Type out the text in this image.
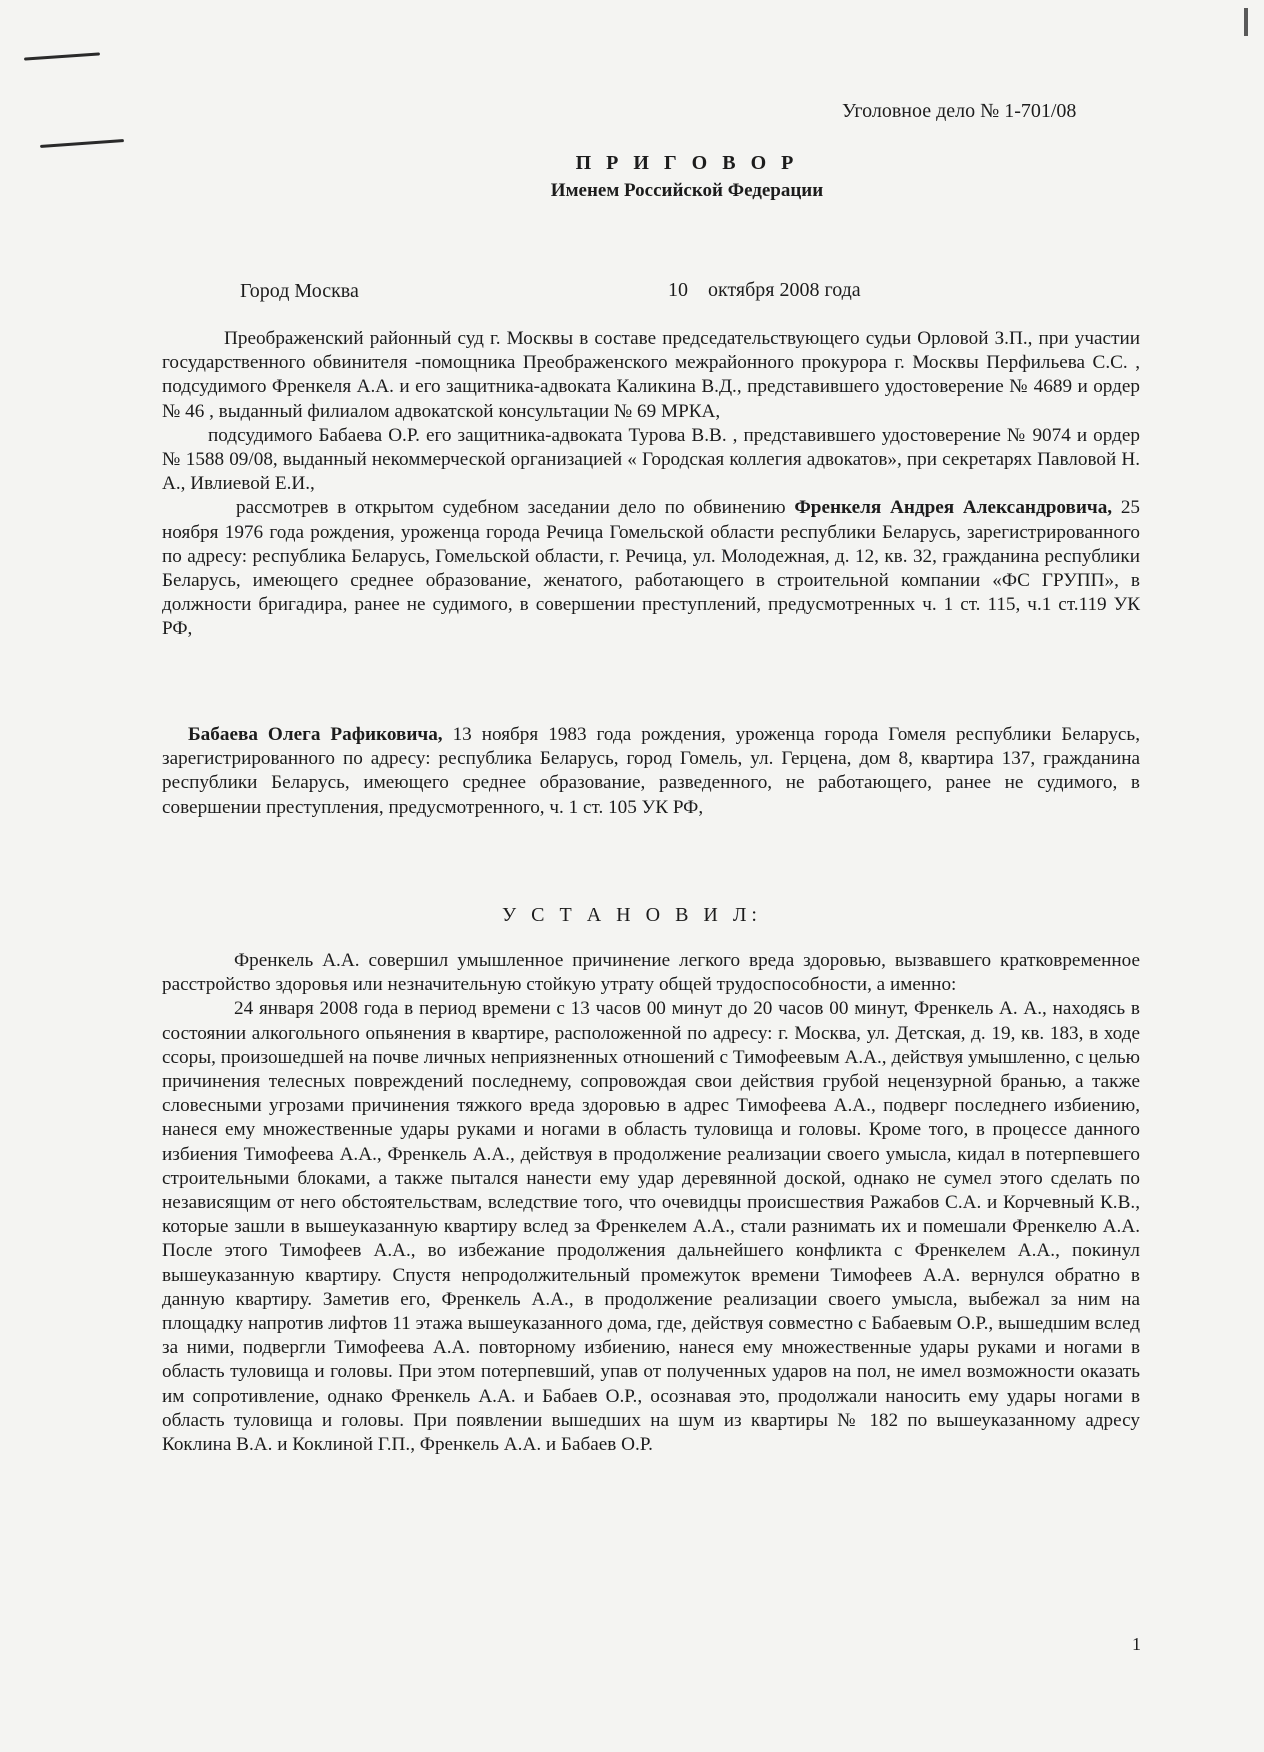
Уголовное дело № 1-701/08
П Р И Г О В О Р
Именем Российской Федерации
Город Москва	10    октября 2008 года

Преображенский районный суд г. Москвы в составе председательствующего судьи Орловой З.П., при участии государственного обвинителя -помощника Преображенского межрайонного прокурора г. Москвы Перфильева С.С. , подсудимого Френкеля А.А. и его защитника-адвоката Каликина В.Д., представившего удостоверение № 4689 и ордер № 46 , выданный филиалом адвокатской консультации № 69 МРКА,

подсудимого Бабаева О.Р. его защитника-адвоката Турова В.В. , представившего удостоверение № 9074 и ордер № 1588 09/08, выданный некоммерческой организацией « Городская коллегия адвокатов», при секретарях Павловой Н. А., Ивлиевой Е.И.,

рассмотрев в открытом судебном заседании дело по обвинению Френкеля Андрея Александровича, 25 ноября 1976 года рождения, уроженца города Речица Гомельской области республики Беларусь, зарегистрированного по адресу: республика Беларусь, Гомельской области, г. Речица, ул. Молодежная, д. 12, кв. 32, гражданина республики Беларусь, имеющего среднее образование, женатого, работающего в строительной компании «ФС ГРУПП», в должности бригадира, ранее не судимого, в совершении преступлений, предусмотренных ч. 1 ст. 115, ч.1 ст.119 УК РФ,

Бабаева Олега Рафиковича, 13 ноября 1983 года рождения, уроженца города Гомеля республики Беларусь, зарегистрированного по адресу: республика Беларусь, город Гомель, ул. Герцена, дом 8, квартира 137, гражданина республики Беларусь, имеющего среднее образование, разведенного, не работающего, ранее не судимого, в совершении преступления, предусмотренного, ч. 1 ст. 105 УК РФ,

У С Т А Н О В И Л:

Френкель А.А. совершил умышленное причинение легкого вреда здоровью, вызвавшего кратковременное расстройство здоровья или незначительную стойкую утрату общей трудоспособности, а именно:

24 января 2008 года в период времени с 13 часов 00 минут до 20 часов 00 минут, Френкель А. А., находясь в состоянии алкогольного опьянения в квартире, расположенной по адресу: г. Москва, ул. Детская, д. 19, кв. 183, в ходе ссоры, произошедшей на почве личных неприязненных отношений с Тимофеевым А.А., действуя умышленно, с целью причинения телесных повреждений последнему, сопровождая свои действия грубой нецензурной бранью, а также словесными угрозами причинения тяжкого вреда здоровью в адрес Тимофеева А.А., подверг последнего избиению, нанеся ему множественные удары руками и ногами в область туловища и головы. Кроме того, в процессе данного избиения Тимофеева А.А., Френкель А.А., действуя в продолжение реализации своего умысла, кидал в потерпевшего строительными блоками, а также пытался нанести ему удар деревянной доской, однако не сумел этого сделать по независящим от него обстоятельствам, вследствие того, что очевидцы происшествия Ражабов С.А. и Корчевный К.В., которые зашли в вышеуказанную квартиру вслед за Френкелем А.А., стали разнимать их и помешали Френкелю А.А. После этого Тимофеев А.А., во избежание продолжения дальнейшего конфликта с Френкелем А.А., покинул вышеуказанную квартиру. Спустя непродолжительный промежуток времени Тимофеев А.А. вернулся обратно в данную квартиру. Заметив его, Френкель А.А., в продолжение реализации своего умысла, выбежал за ним на площадку напротив лифтов 11 этажа вышеуказанного дома, где, действуя совместно с Бабаевым О.Р., вышедшим вслед за ними, подвергли Тимофеева А.А. повторному избиению, нанеся ему множественные удары руками и ногами в область туловища и головы. При этом потерпевший, упав от полученных ударов на пол, не имел возможности оказать им сопротивление, однако Френкель А.А. и Бабаев О.Р., осознавая это, продолжали наносить ему удары ногами в область туловища и головы. При появлении вышедших на шум из квартиры № 182 по вышеуказанному адресу Коклина В.А. и Коклиной Г.П., Френкель А.А. и Бабаев О.Р.

1
